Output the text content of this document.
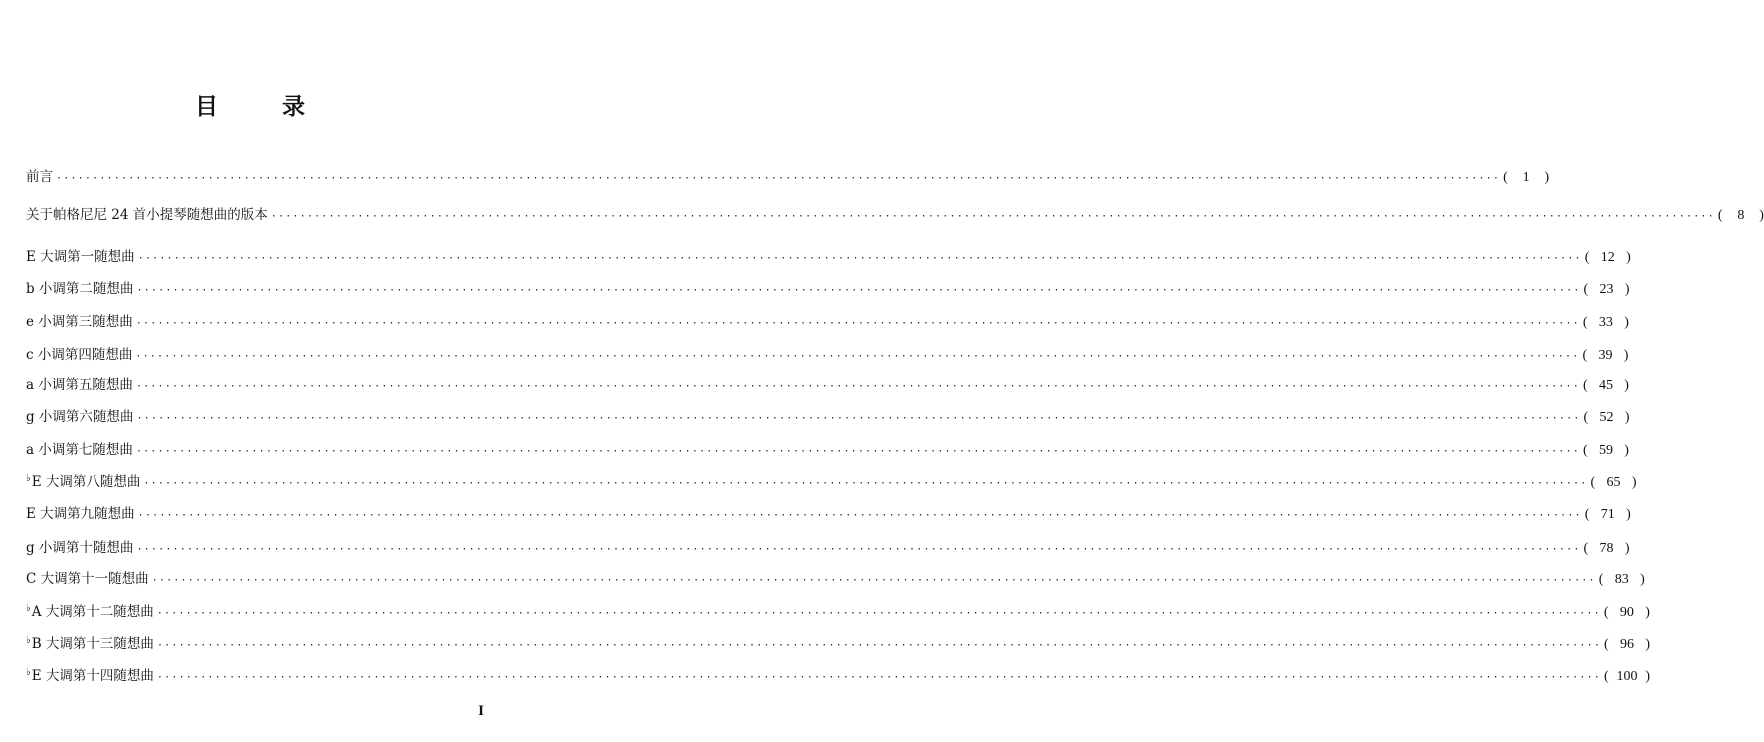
目	录
前言 ········································································································································································································ (	1	)
关于帕格尼尼 24 首小提琴随想曲的版本 ········································································································································································································ (	8	)
E 大调第一随想曲 ········································································································································································································ ( 12 )
b 小调第二随想曲 ········································································································································································································ ( 23 )
e 小调第三随想曲 ········································································································································································································ ( 33 )
c 小调第四随想曲 ········································································································································································································ ( 39 )
a 小调第五随想曲 ········································································································································································································ ( 45 )
g 小调第六随想曲 ········································································································································································································ ( 52 )
a 小调第七随想曲 ········································································································································································································ ( 59 )
♭E 大调第八随想曲 ········································································································································································································ ( 65 )
E 大调第九随想曲 ········································································································································································································ ( 71 )
g 小调第十随想曲 ········································································································································································································ ( 78 )
C 大调第十一随想曲 ········································································································································································································ ( 83 )
♭A 大调第十二随想曲 ········································································································································································································ ( 90 )
♭B 大调第十三随想曲 ········································································································································································································ ( 96 )
♭E 大调第十四随想曲 ········································································································································································································ ( 100 )
I
